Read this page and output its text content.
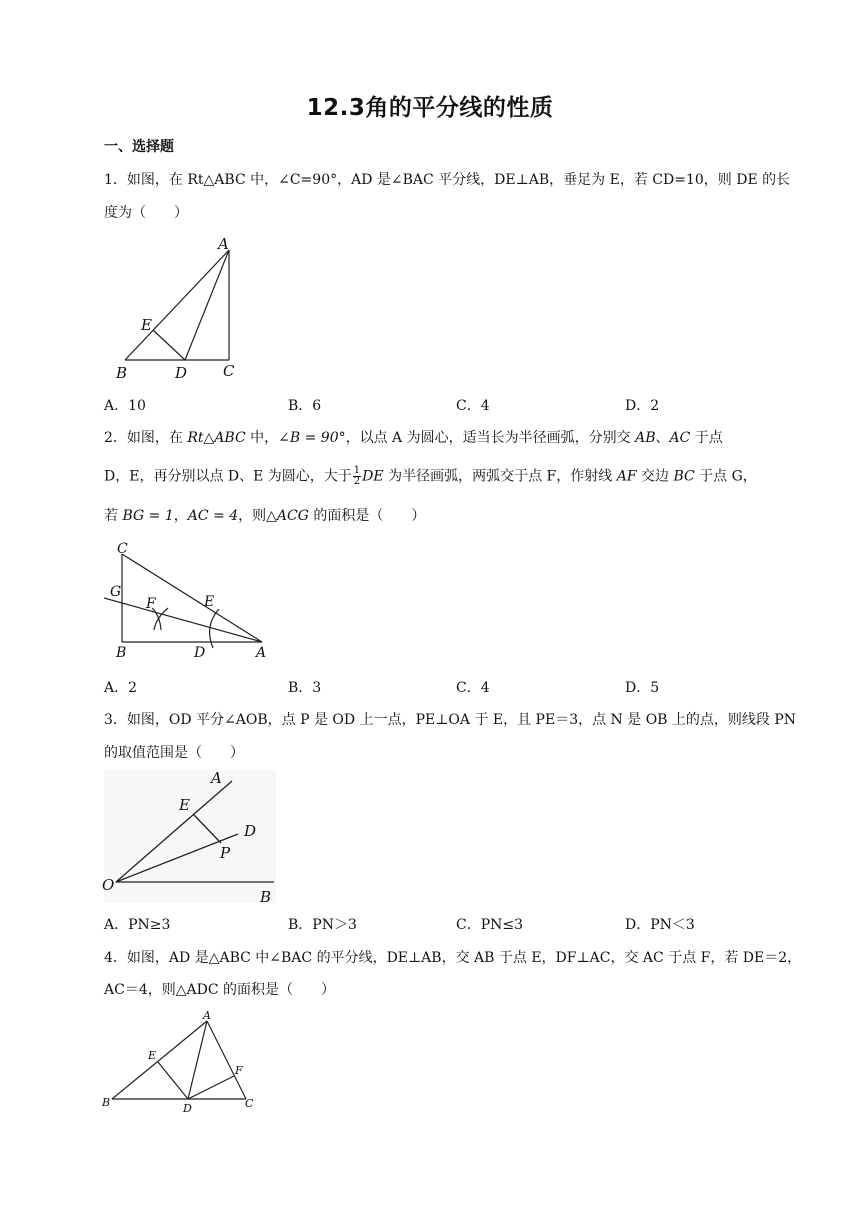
12.3角的平分线的性质
一、选择题
1．如图，在 Rt△ABC 中，∠C=90°，AD 是∠BAC 平分线，DE⊥AB，垂足为 E，若 CD=10，则 DE 的长
度为（　　）
A
E
B	D C
A．10	B．6	C．4	D．2
2．如图，在 Rt△ABC 中，∠B = 90°，以点 A 为圆心，适当长为半径画弧，分别交 AB、AC 于点
D，E，再分别以点 D、E 为圆心，大于 $\frac{1}{2}$ DE 为半径画弧，两弧交于点 F，作射线 AF 交边 BC 于点 G，
若 BG = 1，AC = 4，则△ACG 的面积是（　　）
C
G
F	E
B	D	A
A．2	B．3	C．4	D．5
3．如图，OD 平分∠AOB，点 P 是 OD 上一点，PE⊥OA 于 E，且 PE＝3，点 N 是 OB 上的点，则线段 PN
的取值范围是（　　）
A
E
D
P
O
B
A．PN≥3	B．PN＞3	C．PN≤3	D．PN＜3
4．如图，AD 是△ABC 中∠BAC 的平分线，DE⊥AB，交 AB 于点 E，DF⊥AC，交 AC 于点 F，若 DE＝2，
AC＝4，则△ADC 的面积是（　　）
A
E
F
B	D	C
